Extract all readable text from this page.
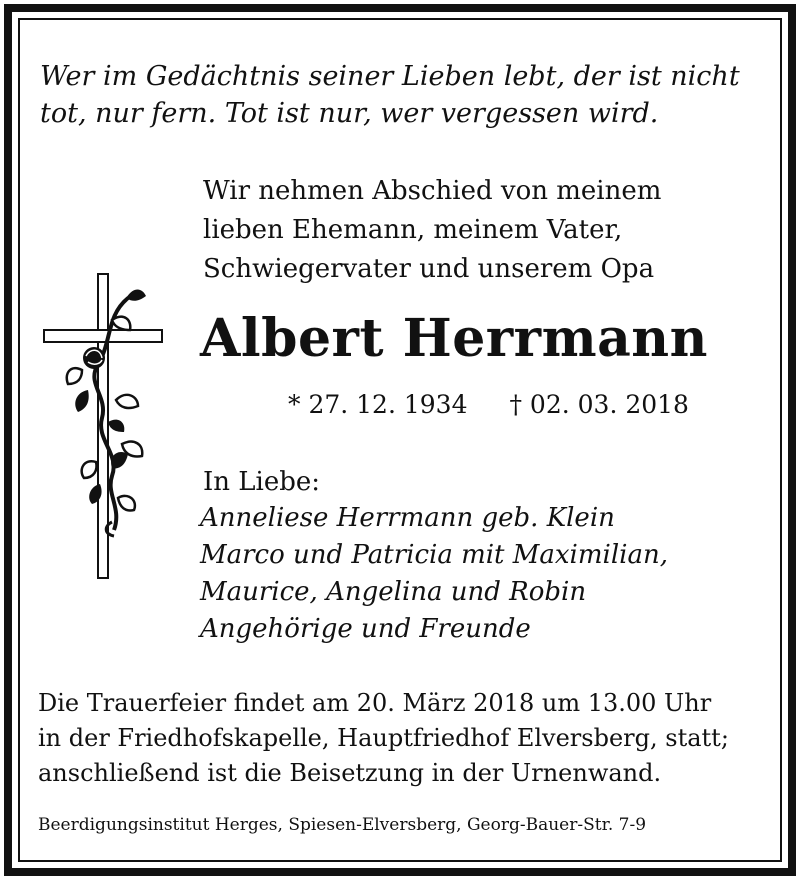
Wer im Gedächtnis seiner Lieben lebt, der ist nicht
tot, nur fern. Tot ist nur, wer vergessen wird.
Wir nehmen Abschied von meinem
lieben Ehemann, meinem Vater,
Schwiegervater und unserem Opa
Albert Herrmann
* 27. 12. 1934 † 02. 03. 2018
In Liebe:
Anneliese Herrmann geb. Klein
Marco und Patricia mit Maximilian,
Maurice, Angelina und Robin
Angehörige und Freunde
Die Trauerfeier findet am 20. März 2018 um 13.00 Uhr
in der Friedhofskapelle, Hauptfriedhof Elversberg, statt;
anschließend ist die Beisetzung in der Urnenwand.
Beerdigungsinstitut Herges, Spiesen-Elversberg, Georg-Bauer-Str. 7-9
